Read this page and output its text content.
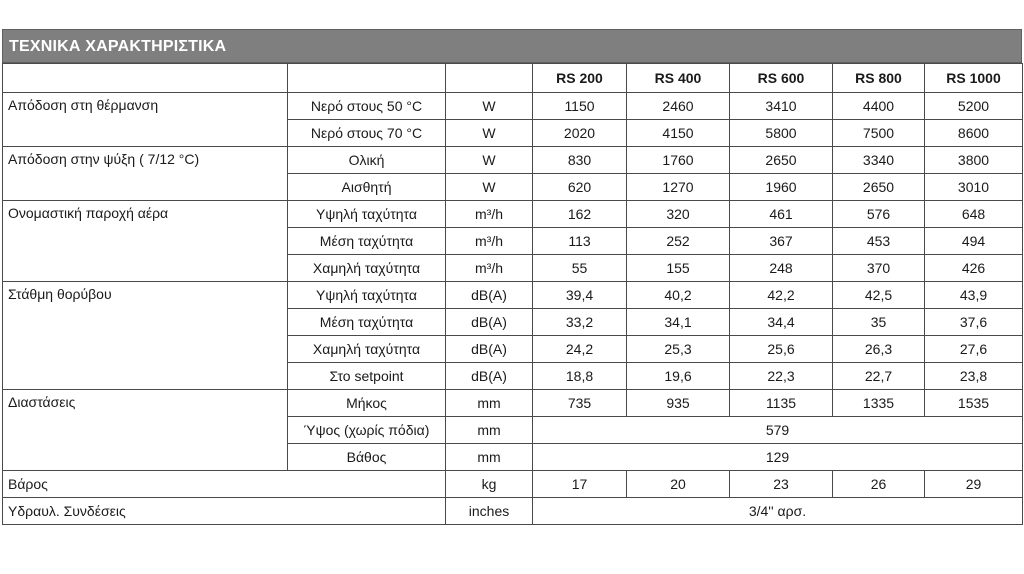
ΤΕΧΝΙΚΑ ΧΑΡΑΚΤΗΡΙΣΤΙΚΑ
			RS 200	RS 400	RS 600	RS 800	RS 1000
Απόδοση στη θέρμανση	Νερό στους 50 °C	W	1150	2460	3410	4400	5200
	Νερό στους 70 °C	W	2020	4150	5800	7500	8600
Απόδοση στην ψύξη ( 7/12 °C)	Ολική	W	830	1760	2650	3340	3800
	Αισθητή	W	620	1270	1960	2650	3010
Ονομαστική παροχή αέρα	Υψηλή ταχύτητα	m³/h	162	320	461	576	648
	Μέση ταχύτητα	m³/h	113	252	367	453	494
	Χαμηλή ταχύτητα	m³/h	55	155	248	370	426
Στάθμη θορύβου	Υψηλή ταχύτητα	dB(A)	39,4	40,2	42,2	42,5	43,9
	Μέση ταχύτητα	dB(A)	33,2	34,1	34,4	35	37,6
	Χαμηλή ταχύτητα	dB(A)	24,2	25,3	25,6	26,3	27,6
	Στο setpoint	dB(A)	18,8	19,6	22,3	22,7	23,8
Διαστάσεις	Μήκος	mm	735	935	1135	1335	1535
	Ύψος (χωρίς πόδια)	mm	579				
	Βάθος	mm	129				
Βάρος		kg	17	20	23	26	29
Υδραυλ. Συνδέσεις		inches	3/4'' αρσ.				
